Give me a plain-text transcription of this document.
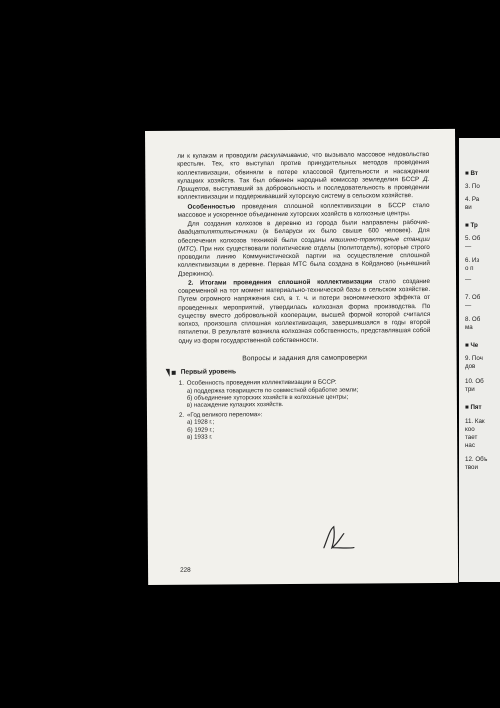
ли к кулакам и проводили раскулачивание, что вызывало массовое недовольство крестьян. Тех, кто выступал против принудительных методов проведения коллективизации, обвиняли в потере классовой бдительности и насаждении кулацких хозяйств. Так был обвинен народный комиссар земледелия БССР Д. Прищепов, выступавший за добровольность и последовательность в проведении коллективизации и поддерживавший хуторскую систему в сельском хозяйстве.

Особенностью проведения сплошной коллективизации в БССР стало массовое и ускоренное объединение хуторских хозяйств в колхозные центры.

Для создания колхозов в деревню из города были направлены рабочие-двадцатипятитысячники (в Беларуси их было свыше 600 человек). Для обеспечения колхозов техникой были созданы машинно-тракторные станции (МТС). При них существовали политические отделы (политотделы), которые строго проводили линию Коммунистической партии на осуществление сплошной коллективизации в деревне. Первая МТС была создана в Койданово (нынешний Дзержинск).

2. Итогами проведения сплошной коллективизации стало создание современной на тот момент материально-технической базы в сельском хозяйстве. Путем огромного напряжения сил, в т. ч. и потери экономического эффекта от проведенных мероприятий, утвердилась колхозная форма производства. По существу вместо добровольной кооперации, высшей формой которой считался колхоз, произошла сплошная коллективизация, завершившаяся в годы второй пятилетки. В результате возникла колхозная собственность, представлявшая собой одну из форм государственной собственности.

Вопросы и задания для самопроверки
Первый уровень
1. Особенность проведения коллективизации в БССР:
а) поддержка товариществ по совместной обработке земли;
б) объединение хуторских хозяйств в колхозные центры;
в) насаждение кулацких хозяйств.
2. «Год великого перелома»:
а) 1928 г.;
б) 1929 г.;
в) 1933 г.
228
■ Вт
3. По
4. Ра
ви
■ Тр
5. Об
—
6. Из
о п
—
7. Об
—
8. Об
ма
■ Че
9. Поч
дов
10. Об
три
■ Пят
11. Как
коо
тает
нас
12. Объ
твои
